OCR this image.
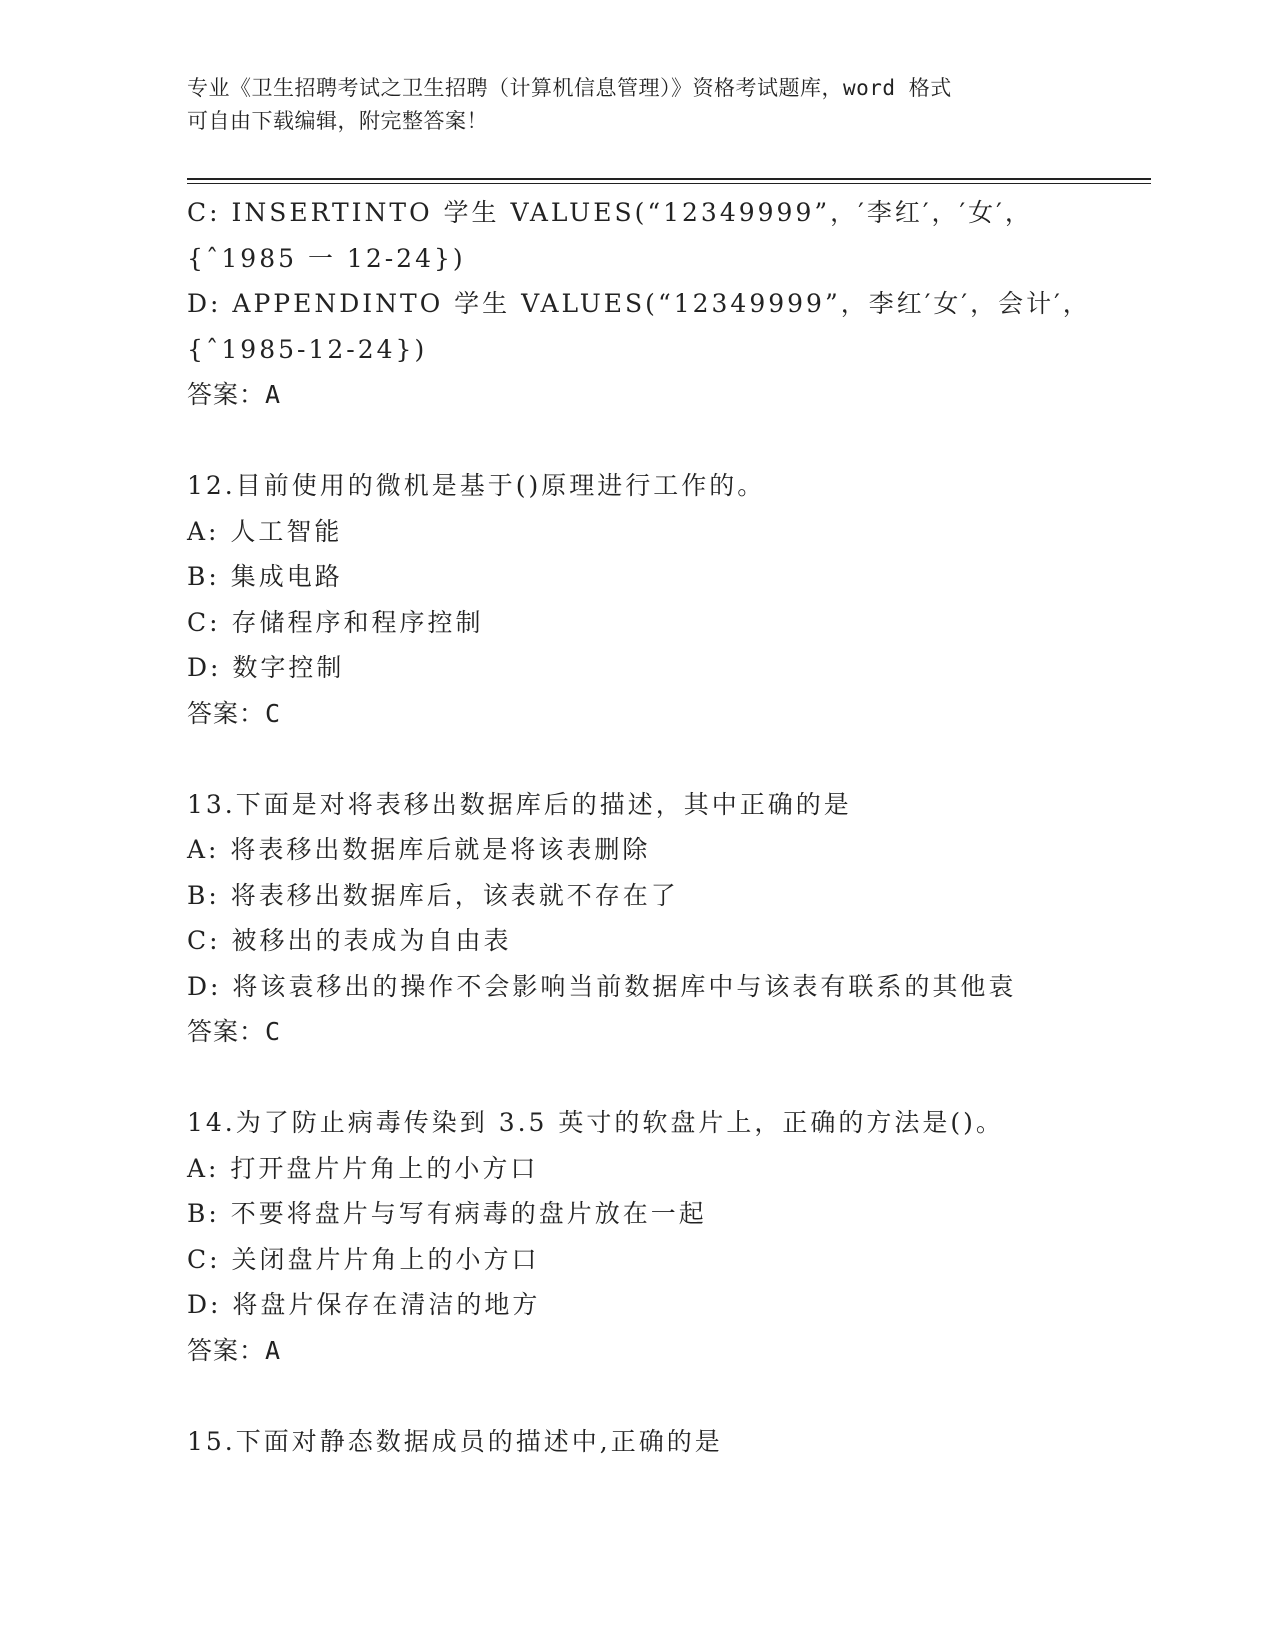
专业《卫生招聘考试之卫生招聘（计算机信息管理）》资格考试题库，word 格式
可自由下载编辑，附完整答案！
C: INSERTINTO 学生 VALUES(“12349999”，′李红′，′女′，
{ˆ1985 一 12-24})
D: APPENDINTO 学生 VALUES(“12349999”，李红′女′，会计′，
{ˆ1985-12-24})
答案：A
12.目前使用的微机是基于()原理进行工作的。
A: 人工智能
B: 集成电路
C: 存储程序和程序控制
D: 数字控制
答案：C
13.下面是对将表移出数据库后的描述，其中正确的是
A: 将表移出数据库后就是将该表删除
B: 将表移出数据库后，该表就不存在了
C: 被移出的表成为自由表
D: 将该袁移出的操作不会影响当前数据库中与该表有联系的其他袁
答案：C
14.为了防止病毒传染到 3.5 英寸的软盘片上，正确的方法是()。
A: 打开盘片片角上的小方口
B: 不要将盘片与写有病毒的盘片放在一起
C: 关闭盘片片角上的小方口
D: 将盘片保存在清洁的地方
答案：A
15.下面对静态数据成员的描述中,正确的是
